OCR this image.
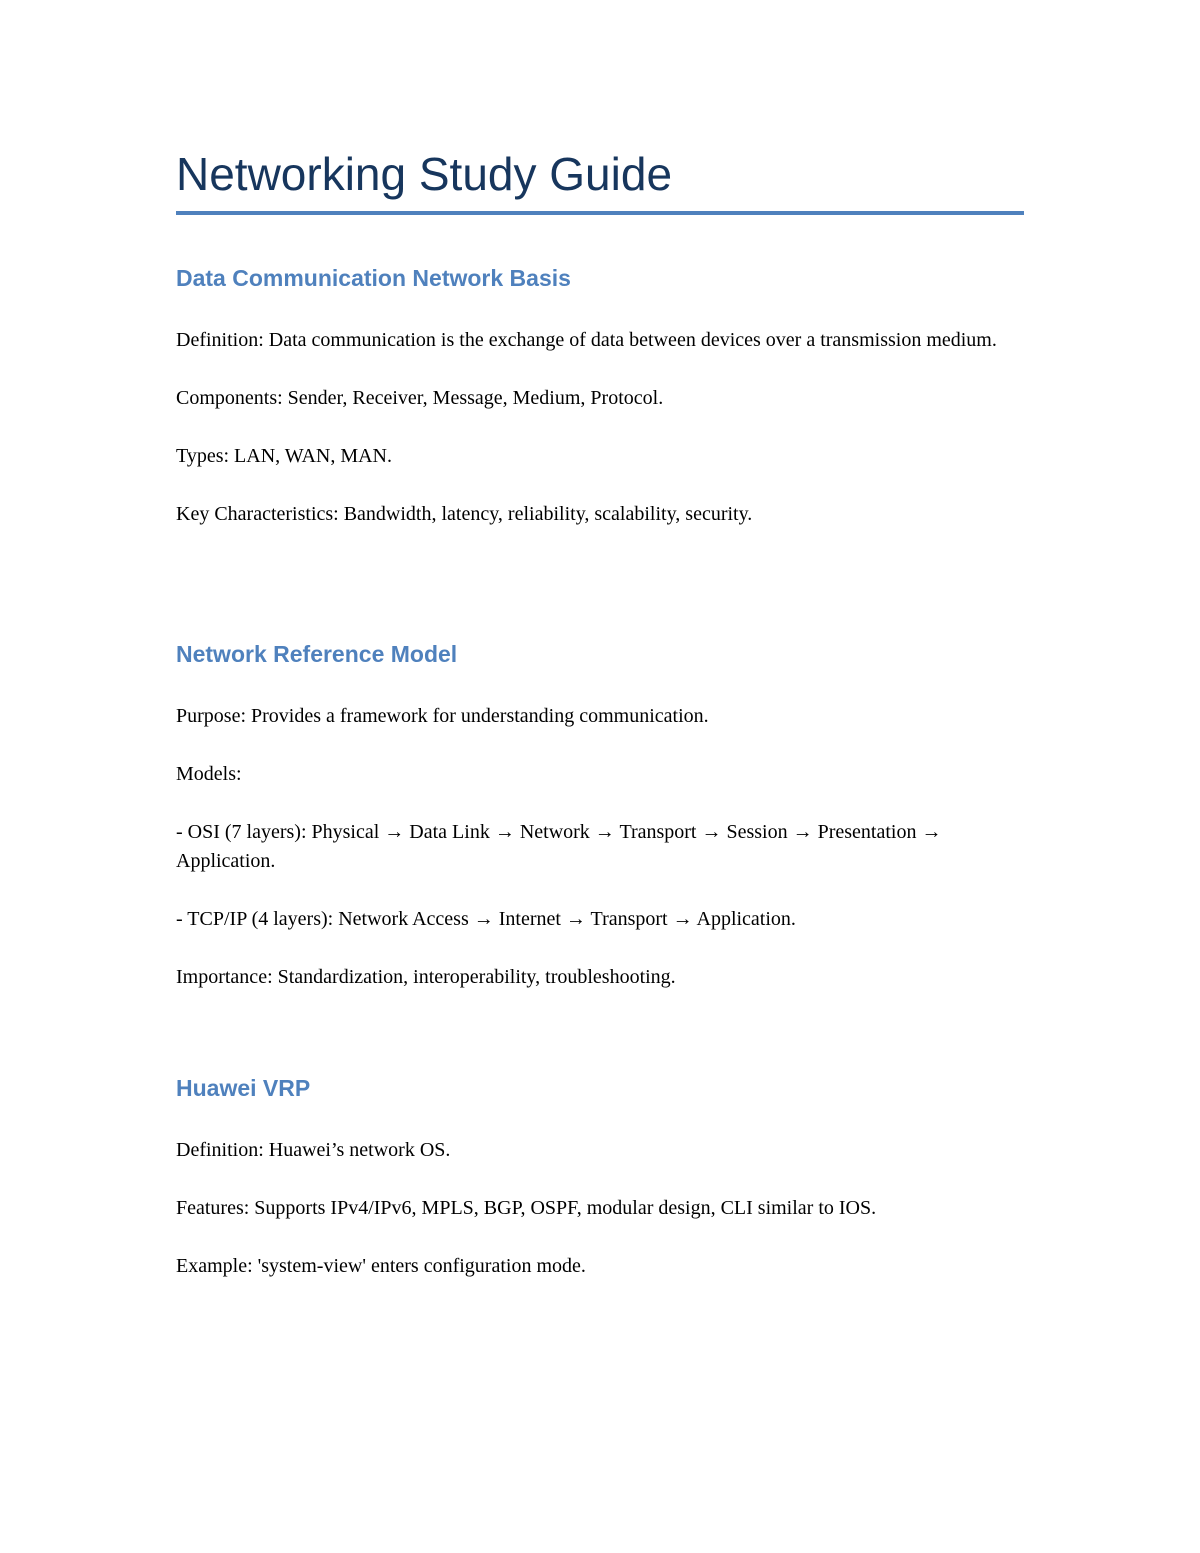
Networking Study Guide
Data Communication Network Basis

Definition: Data communication is the exchange of data between devices over a transmission medium.

Components: Sender, Receiver, Message, Medium, Protocol.

Types: LAN, WAN, MAN.

Key Characteristics: Bandwidth, latency, reliability, scalability, security.

Network Reference Model

Purpose: Provides a framework for understanding communication.

Models:

- OSI (7 layers): Physical → Data Link → Network → Transport → Session → Presentation → Application.

- TCP/IP (4 layers): Network Access → Internet → Transport → Application.

Importance: Standardization, interoperability, troubleshooting.

Huawei VRP

Definition: Huawei’s network OS.

Features: Supports IPv4/IPv6, MPLS, BGP, OSPF, modular design, CLI similar to IOS.

Example: 'system-view' enters configuration mode.
